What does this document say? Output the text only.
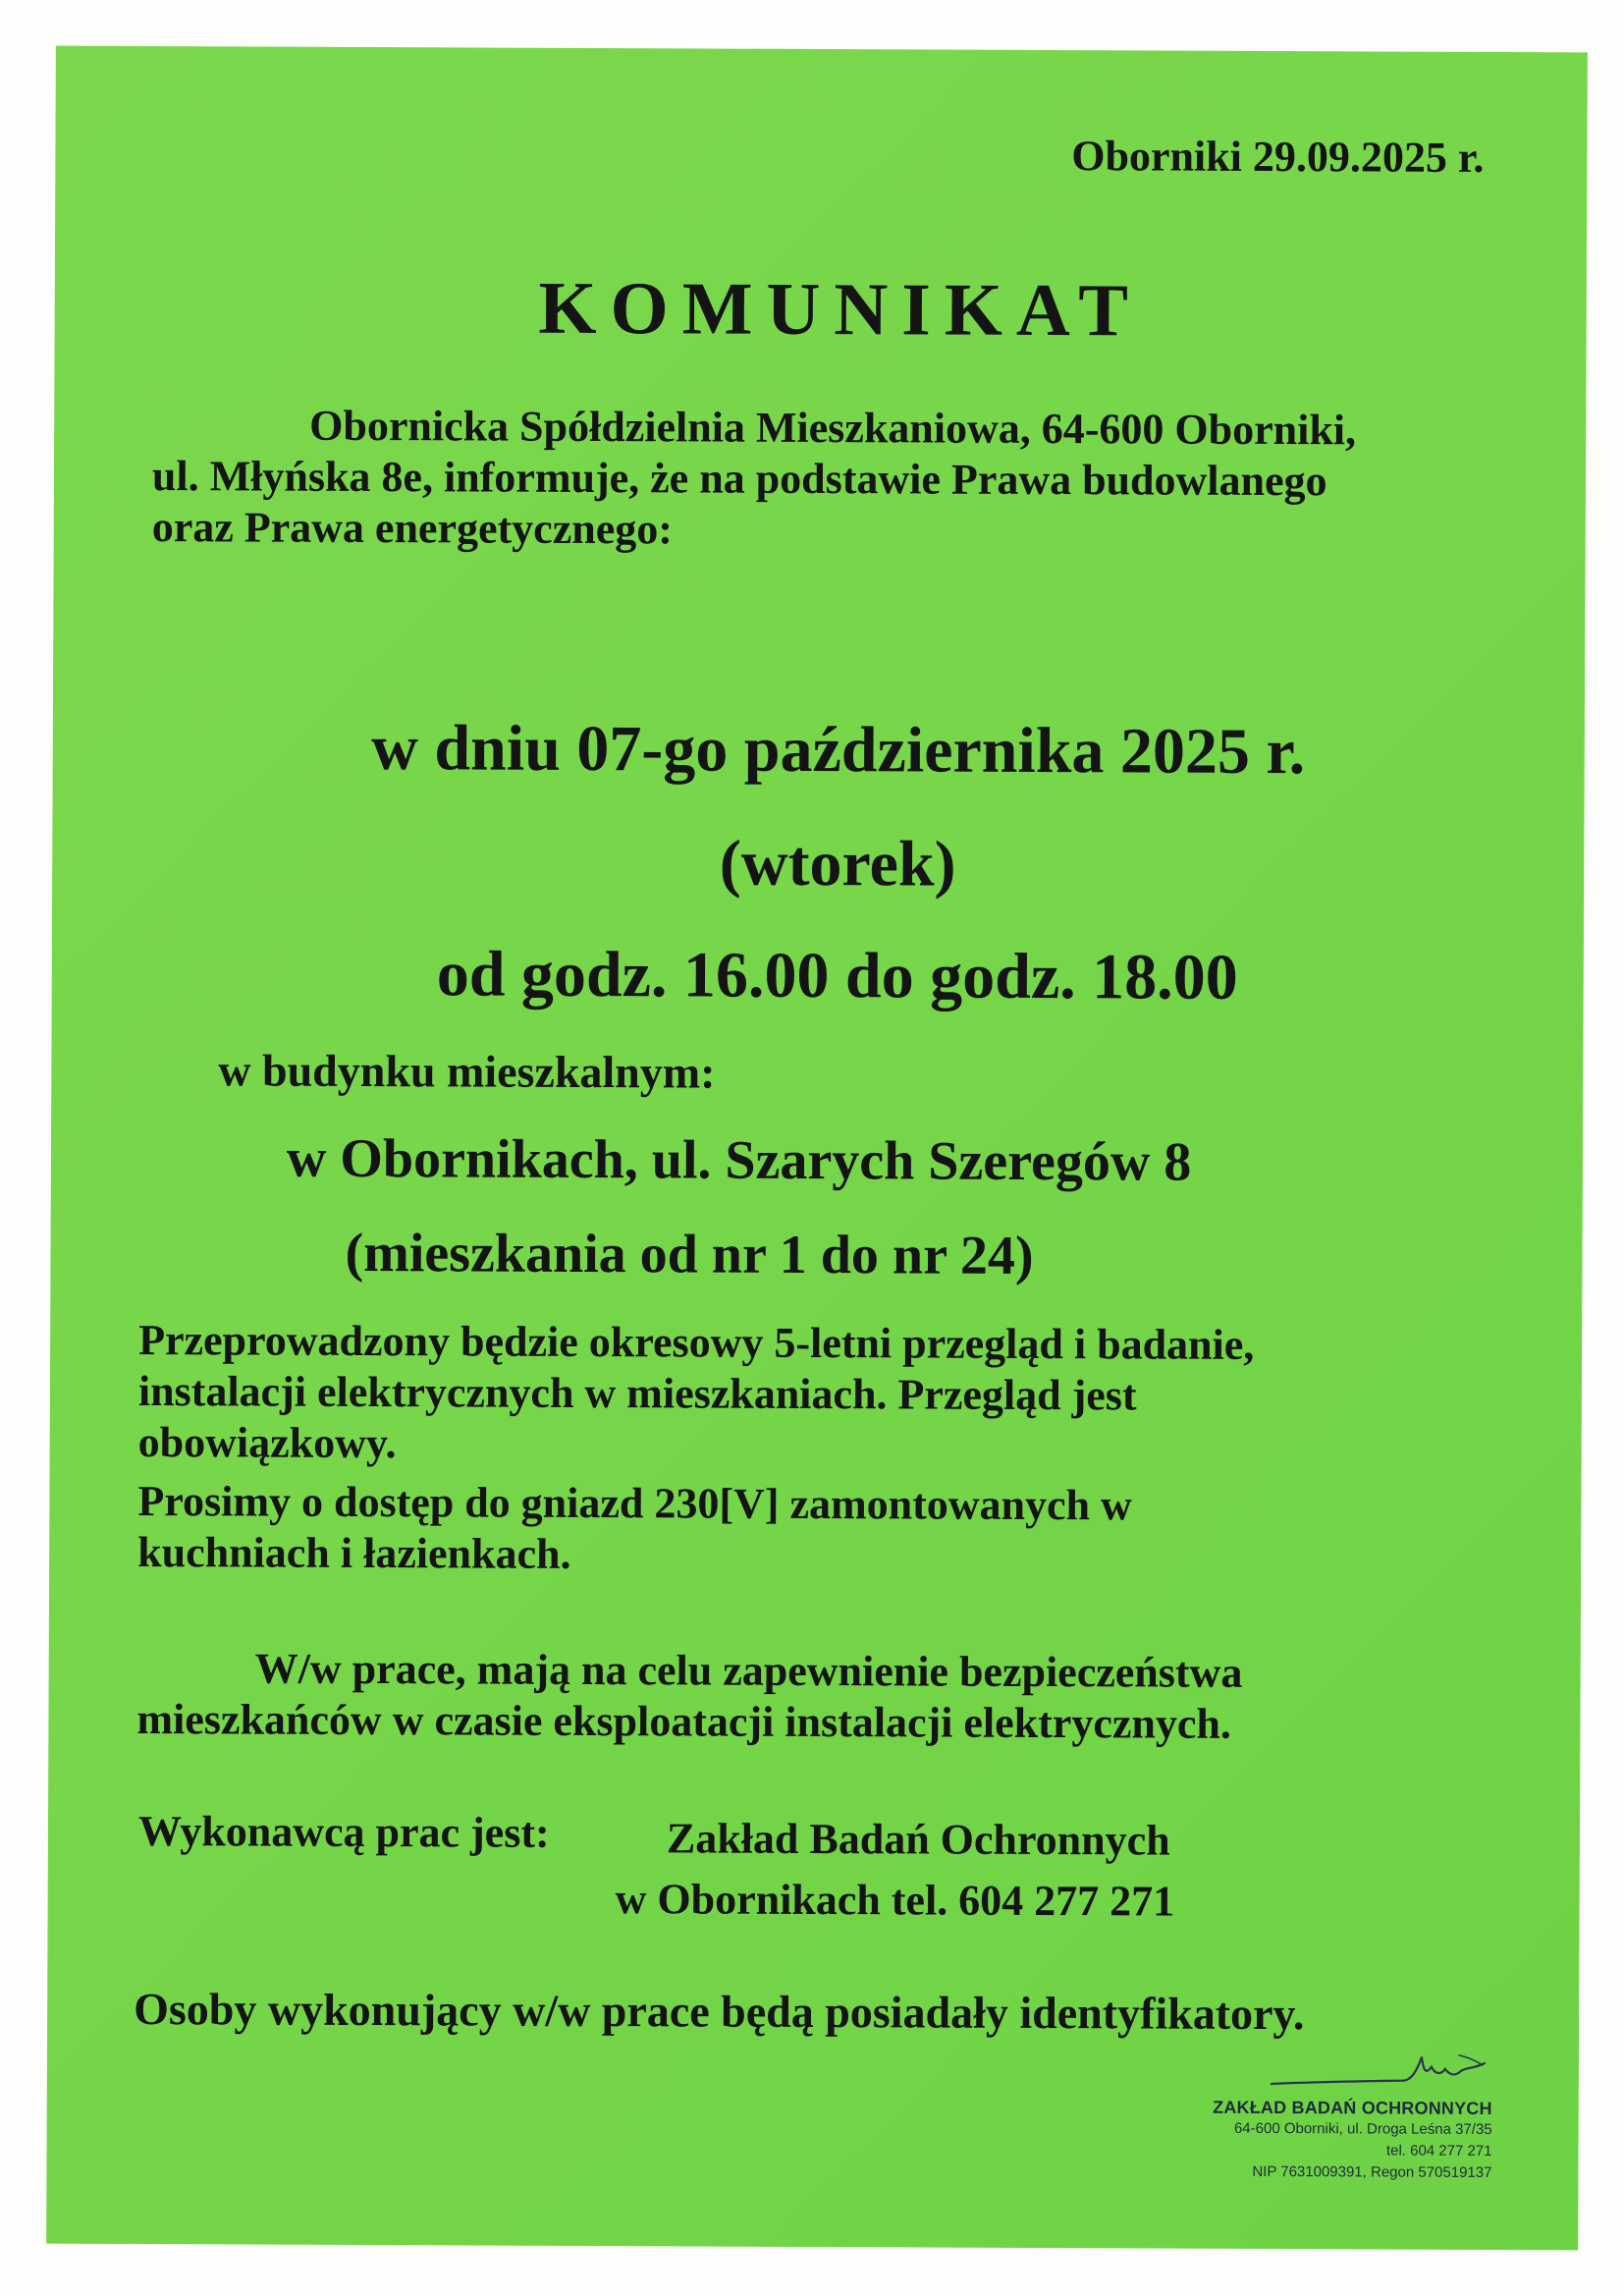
Oborniki 29.09.2025 r.
KOMUNIKAT
Obornicka Spółdzielnia Mieszkaniowa, 64-600 Oborniki,
ul. Młyńska 8e, informuje, że na podstawie Prawa budowlanego
oraz Prawa energetycznego:
w dniu 07-go października 2025 r.
(wtorek)
od godz. 16.00 do godz. 18.00
w budynku mieszkalnym:
w Obornikach, ul. Szarych Szeregów 8
(mieszkania od nr 1 do nr 24)
Przeprowadzony będzie okresowy 5-letni przegląd i badanie,
instalacji elektrycznych w mieszkaniach. Przegląd jest
obowiązkowy.
Prosimy o dostęp do gniazd 230[V] zamontowanych w
kuchniach i łazienkach.
W/w prace, mają na celu zapewnienie bezpieczeństwa
mieszkańców w czasie eksploatacji instalacji elektrycznych.
Wykonawcą prac jest:	Zakład Badań Ochronnych
w Obornikach tel. 604 277 271
Osoby wykonujący w/w prace będą posiadały identyfikatory.
ZAKŁAD BADAŃ OCHRONNYCH
64-600 Oborniki, ul. Droga Leśna 37/35
tel. 604 277 271
NIP 7631009391, Regon 570519137
